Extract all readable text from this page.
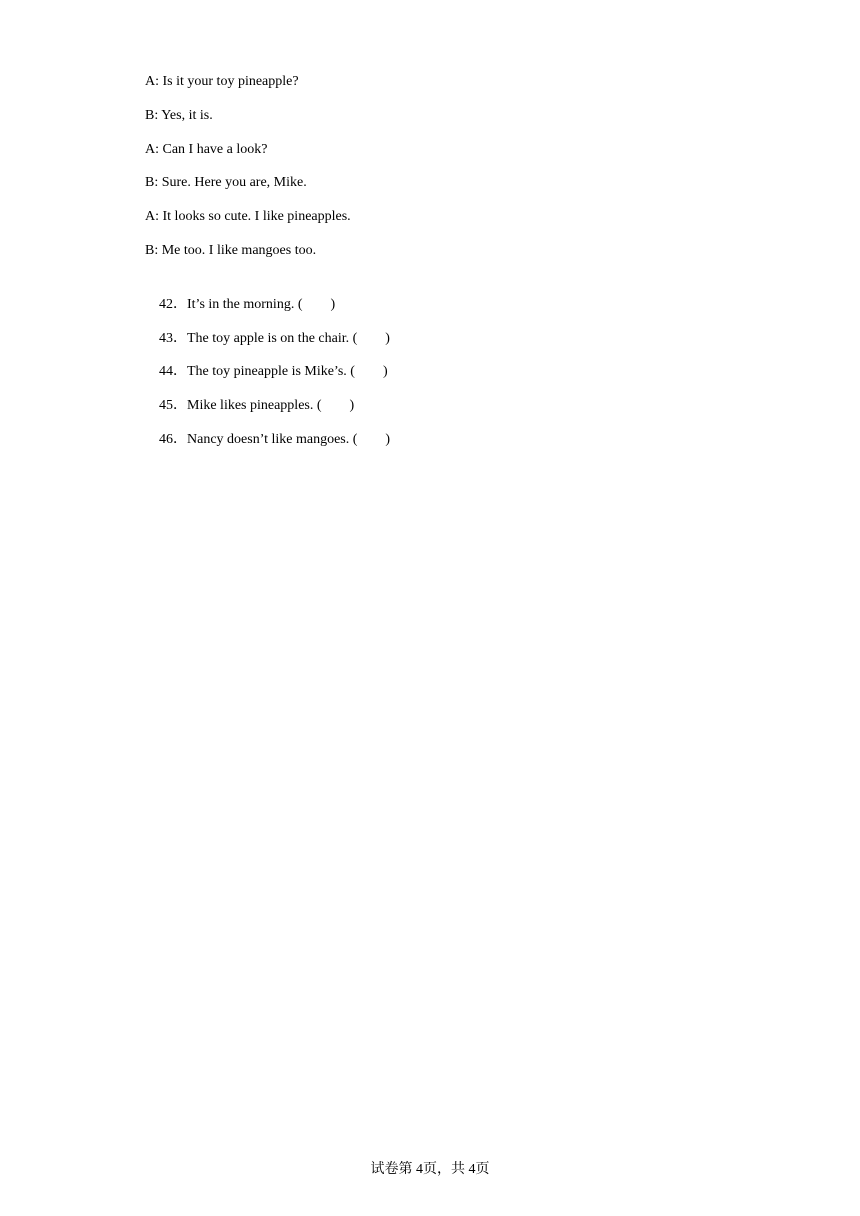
A: Is it your toy pineapple?
B: Yes, it is.
A: Can I have a look?
B: Sure. Here you are, Mike.
A: It looks so cute. I like pineapples.
B: Me too. I like mangoes too.

42．It’s in the morning. (        )

43．The toy apple is on the chair. (        )

44．The toy pineapple is Mike’s. (        )

45．Mike likes pineapples. (        )

46．Nancy doesn’t like mangoes. (        )

试卷第 4页，共 4页
